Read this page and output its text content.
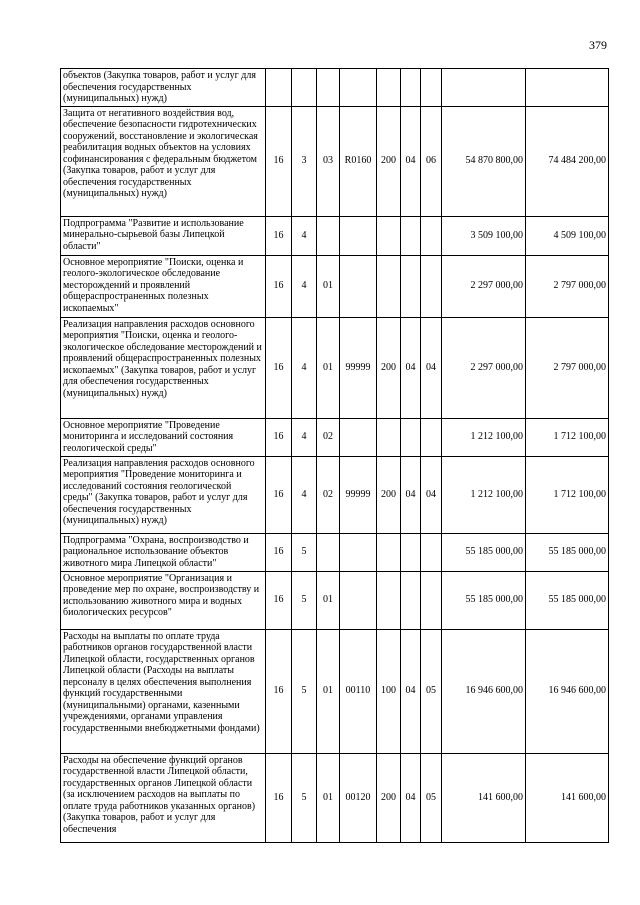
379
объектов (Закупка товаров, работ и услуг для обеспечения государственных (муниципальных) нужд)								

Защита от негативного воздействия вод, обеспечение безопасности гидротехнических сооружений, восстановление и экологическая реабилитация водных объектов на условиях софинансирования с федеральным бюджетом (Закупка товаров, работ и услуг для обеспечения государственных (муниципальных) нужд)	16	3	03	R0160	200	04	06	54 870 800,00	74 484 200,00

Подпрограмма "Развитие и использование минерально-сырьевой базы Липецкой области"	16	4						3 509 100,00	4 509 100,00

Основное мероприятие "Поиски, оценка и геолого-экологическое обследование месторождений и проявлений общераспространенных полезных ископаемых"	16	4	01					2 297 000,00	2 797 000,00

Реализация направления расходов основного мероприятия "Поиски, оценка и геолого-экологическое обследование месторождений и проявлений общераспространенных полезных ископаемых" (Закупка товаров, работ и услуг для обеспечения государственных (муниципальных) нужд)	16	4	01	99999	200	04	04	2 297 000,00	2 797 000,00

Основное мероприятие "Проведение мониторинга и исследований состояния геологической среды"	16	4	02					1 212 100,00	1 712 100,00

Реализация направления расходов основного мероприятия "Проведение мониторинга и исследований состояния геологической среды" (Закупка товаров, работ и услуг для обеспечения государственных (муниципальных) нужд)	16	4	02	99999	200	04	04	1 212 100,00	1 712 100,00

Подпрограмма "Охрана, воспроизводство и рациональное использование объектов животного мира Липецкой области"	16	5						55 185 000,00	55 185 000,00

Основное мероприятие "Организация и проведение мер по охране, воспроизводству и использованию животного мира и водных биологических ресурсов"	16	5	01					55 185 000,00	55 185 000,00

Расходы на выплаты по оплате труда работников органов государственной власти Липецкой области, государственных органов Липецкой области (Расходы на выплаты персоналу в целях обеспечения выполнения функций государственными (муниципальными) органами, казенными учреждениями, органами управления государственными внебюджетными фондами)	16	5	01	00110	100	04	05	16 946 600,00	16 946 600,00

Расходы на обеспечение функций органов государственной власти Липецкой области, государственных органов Липецкой области (за исключением расходов на выплаты по оплате труда работников указанных органов) (Закупка товаров, работ и услуг для обеспечения	16	5	01	00120	200	04	05	141 600,00	141 600,00
